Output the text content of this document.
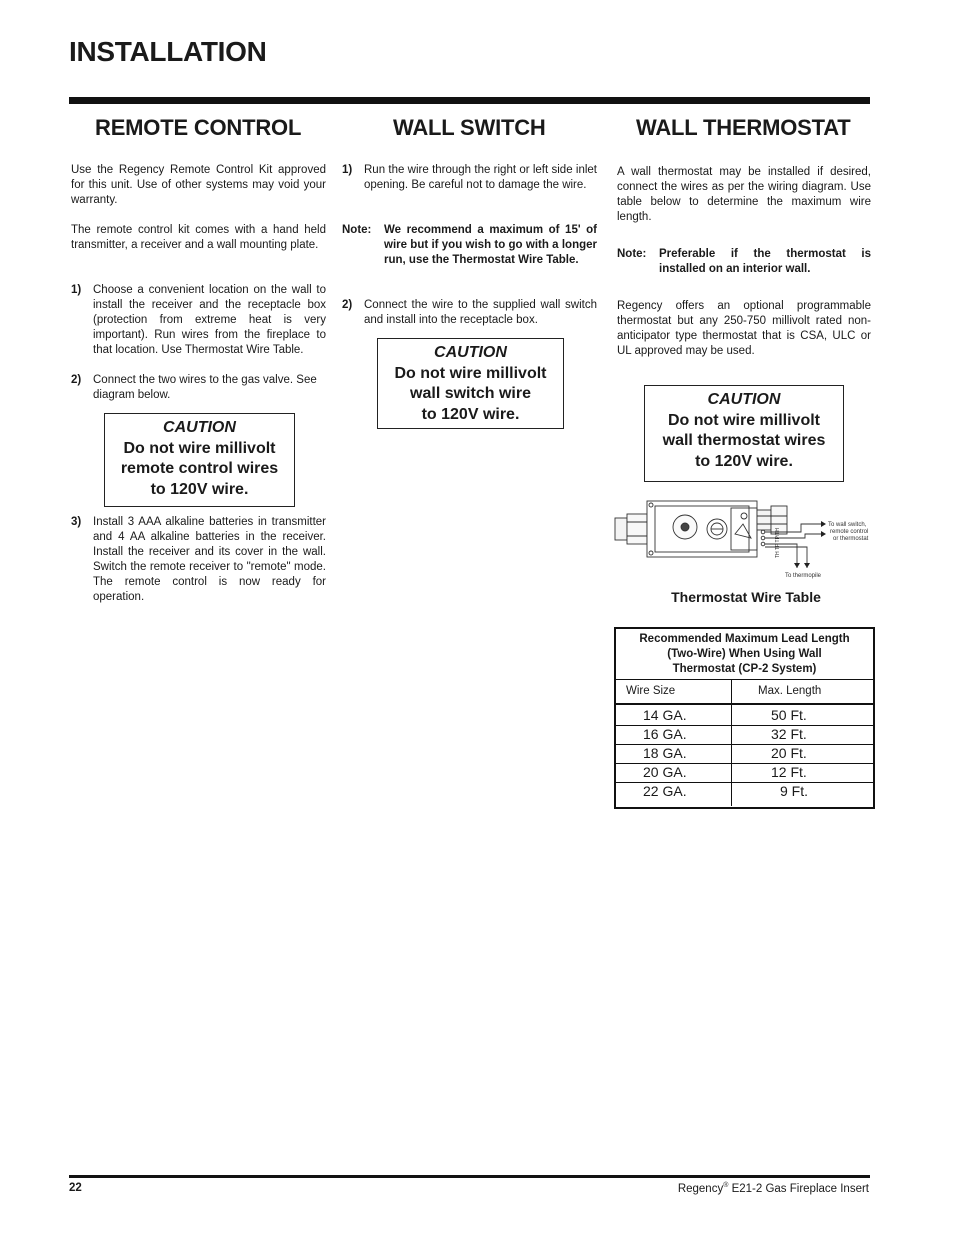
INSTALLATION
REMOTE CONTROL
Use the Regency Remote Control Kit approved for this unit. Use of other systems may void your warranty.
The remote control kit comes with a hand held transmitter, a receiver and a wall mounting plate.
1)	Choose a convenient location on the wall to install the receiver and the receptacle box (protection from extreme heat is very important). Run wires from the fireplace to that location. Use Thermostat Wire Table.
2)	Connect the two wires to the gas valve. See diagram below.
CAUTION
Do not wire millivolt
remote control wires
to 120V wire.
3)	Install 3 AAA alkaline batteries in transmitter and 4 AA alkaline batteries in the receiver. Install the receiver and its cover in the wall. Switch the remote receiver to "remote" mode. The remote control is now ready for operation.
WALL SWITCH
1)	Run the wire through the right or left side inlet opening. Be careful not to damage the wire.
Note:	We recommend a maximum of 15' of wire but if you wish to go with a longer run, use the Thermostat Wire Table.
2)	Connect the wire to the supplied wall switch and install into the receptacle box.
CAUTION
Do not wire millivolt
wall switch wire
to 120V wire.
WALL THERMOSTAT
A wall thermostat may be installed if desired, connect the wires as per the wiring diagram. Use table below to determine the maximum wire length.
Note:	Preferable if the thermostat is installed on an interior wall.
Regency offers an optional programmable thermostat but any 250-750 millivolt rated non-anticipator type thermostat that is CSA, ULC or UL approved may be used.
CAUTION
Do not wire millivolt
wall thermostat wires
to 120V wire.
To wall switch,
remote control
or thermostat
To thermopile
TH TP TP/TH
Thermostat Wire Table
Recommended Maximum Lead Length
(Two-Wire) When Using Wall
Thermostat (CP-2 System)
Wire Size	Max. Length
14 GA.	50 Ft.
16 GA.	32 Ft.
18 GA.	20 Ft.
20 GA.	12 Ft.
22 GA.	9 Ft.
22	Regency® E21-2 Gas Fireplace Insert
